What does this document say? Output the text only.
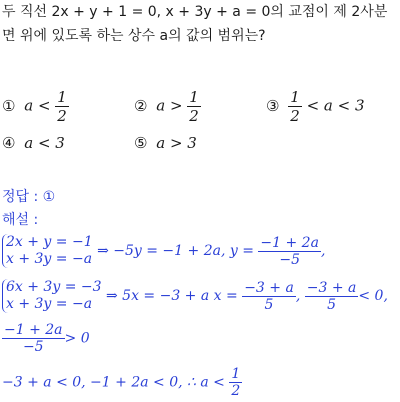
두 직선 2x + y + 1 = 0, x + 3y + a = 0의 교점이 제 2사분
면 위에 있도록 하는 상수 a의 값의 범위는?
① $a < \frac{1}{2}$	② $a > \frac{1}{2}$	③ $\frac{1}{2} < a < 3$
④ a < 3	⑤ a > 3
정답 : ①
해설 :
2x + y = −1
x + 3y = −a ⇒ −5y = −1 + 2a, $y = \frac{-1 + 2a}{-5}$ ,
6x + 3y = −3
x + 3y = −a ⇒ 5x = −3 + a $x = \frac{-3 + a}{5}$ , $\frac{-3 + a}{5} < 0$,
$\frac{-1 + 2a}{-5} > 0$
−3 + a < 0, −1 + 2a < 0, ∴ $a < \frac{1}{2}$
